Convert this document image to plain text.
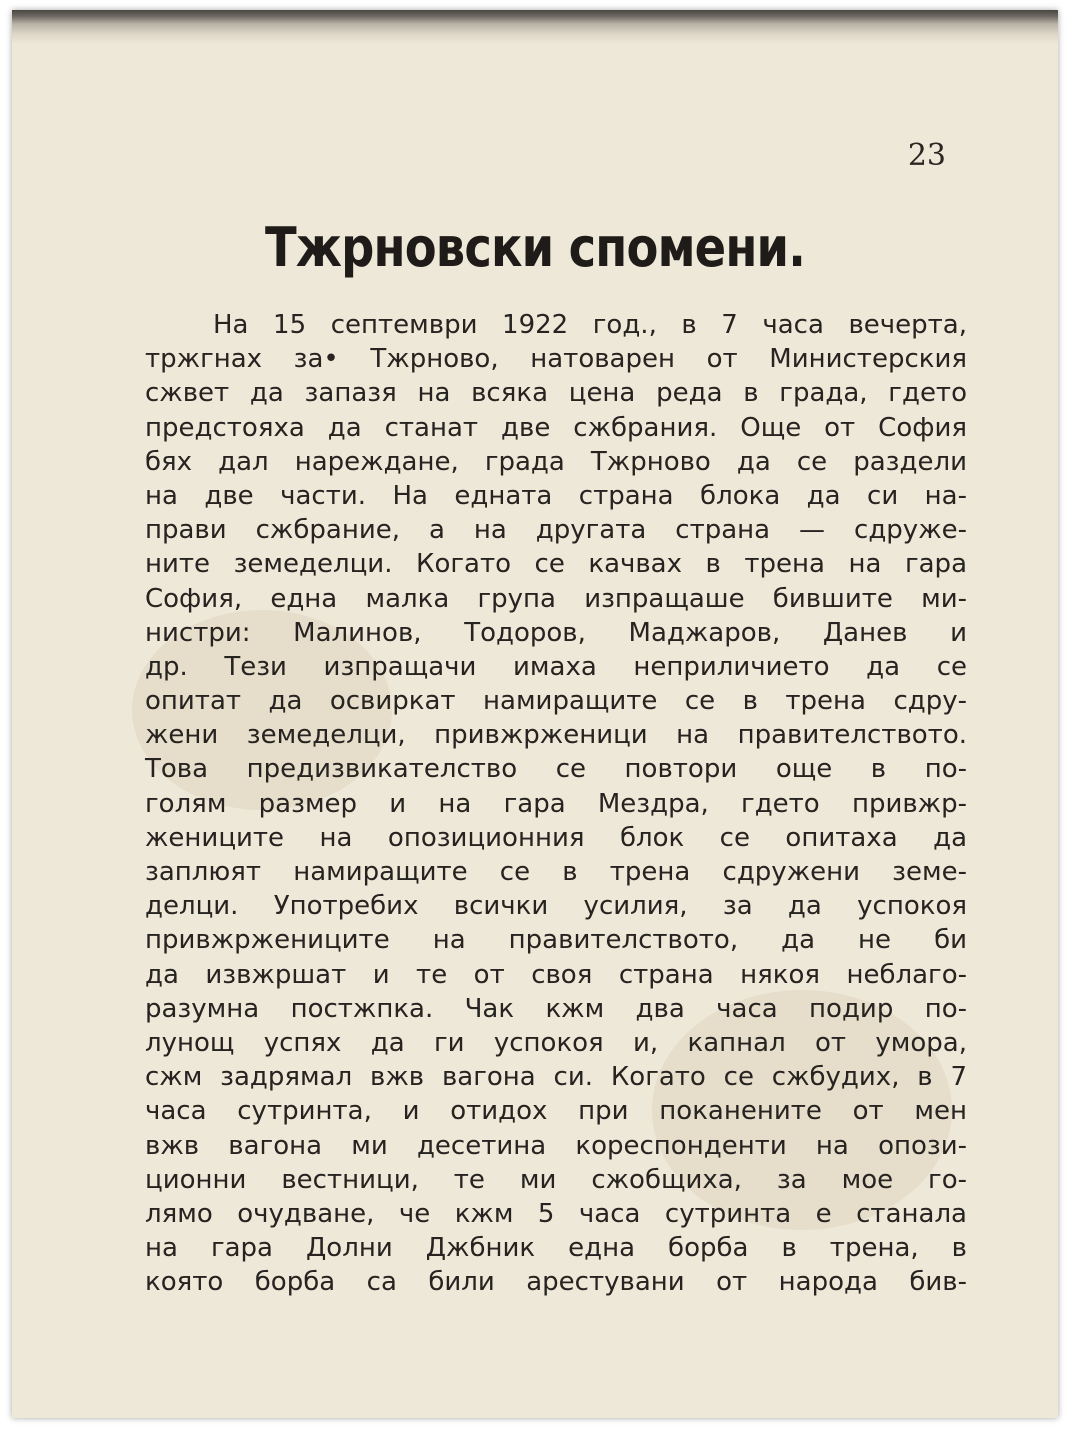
23
Тжрновски спомени.
На 15 септември 1922 год., в 7 часа вечерта,
тржгнах за• Тжрново, натоварен от Министерския
сжвет да запазя на всяка цена реда в града, гдето
предстояха да станат две сжбрания. Още от София
бях дал нареждане, града Тжрново да се раздели
на две части. На едната страна блока да си на-
прави сжбрание, а на другата страна — сдруже-
ните земеделци. Когато се качвах в трена на гара
София, една малка група изпращаше бившите ми-
нистри: Малинов, Тодоров, Маджаров, Данев и
др. Тези изпращачи имаха неприличието да се
опитат да освиркат намиращите се в трена сдру-
жени земеделци, привжрженици на правителството.
Това предизвикателство се повтори още в по-
голям размер и на гара Мездра, гдето привжр-
жениците на опозиционния блок се опитаха да
заплюят намиращите се в трена сдружени земе-
делци. Употребих всички усилия, за да успокоя
привжрженицитe на правителството, да не би
да извжршат и те от своя страна някоя неблаго-
разумна постжпка. Чак кжм два часа подир по-
лунощ успях да ги успокоя и, капнал от умора,
сжм задрямал вжв вагона си. Когато се сжбудих, в 7
часа сутринта, и отидох при поканените от мен
вжв вагона ми десетина кореспонденти на опози-
ционни вестници, те ми сжобщиха, за мое го-
лямо очудване, че кжм 5 часа сутринта е станала
на гара Долни Джбник една борба в трена, в
която борба са били арестувани от народа бив-
